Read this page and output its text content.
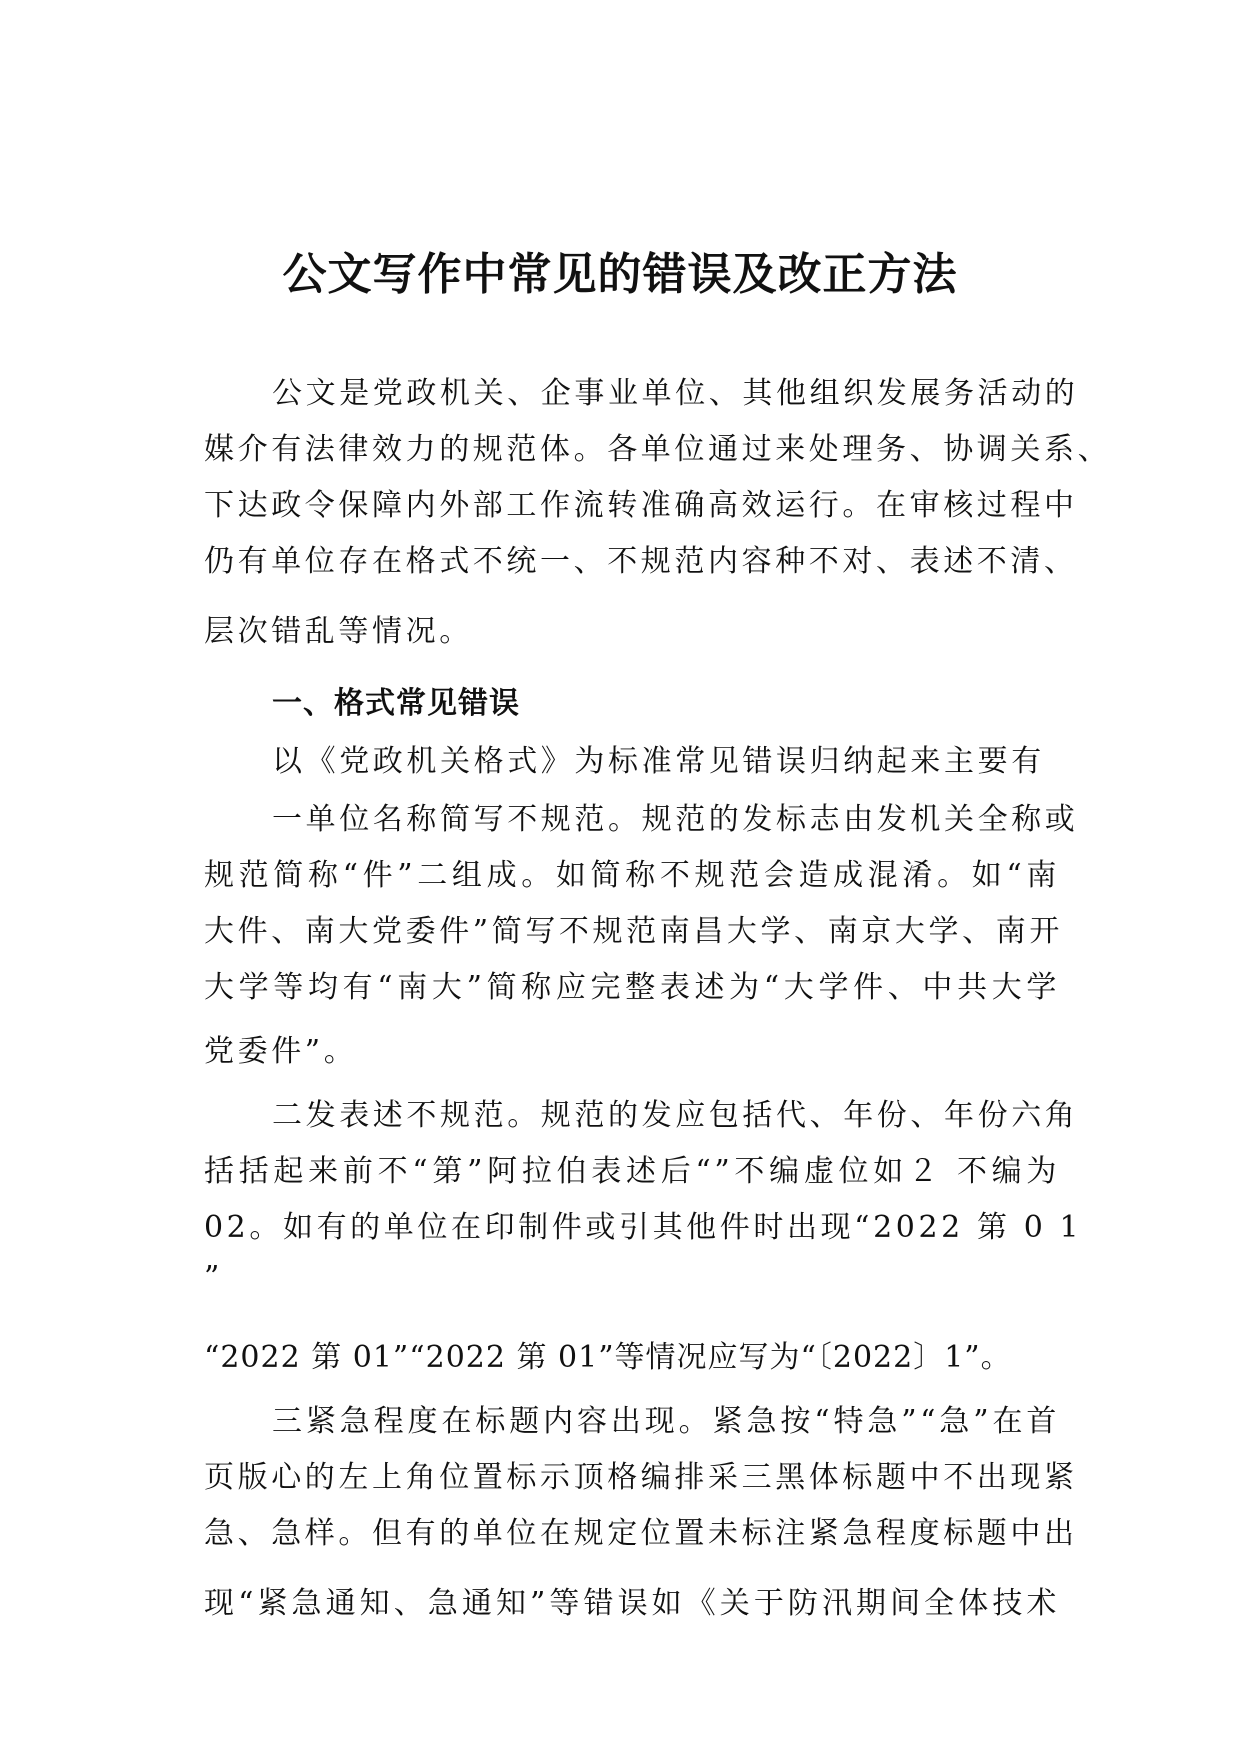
公文写作中常见的错误及改正方法

公文是党政机关、企事业单位、其他组织发展务活动的

媒介有法律效力的规范体。各单位通过来处理务、协调关系、

下达政令保障内外部工作流转准确高效运行。在审核过程中

仍有单位存在格式不统一、不规范内容种不对、表述不清、

层次错乱等情况。

一、格式常见错误

以《党政机关格式》为标准常见错误归纳起来主要有

一单位名称简写不规范。规范的发标志由发机关全称或

规范简称“件”二组成。如简称不规范会造成混淆。如“南

大件、南大党委件”简写不规范南昌大学、南京大学、南开

大学等均有“南大”简称应完整表述为“大学件、中共大学

党委件”。

二发表述不规范。规范的发应包括代、年份、年份六角

括括起来前不“第”阿拉伯表述后“”不编虚位如２ 不编为

02。如有的单位在印制件或引其他件时出现“2022 第 0 1

”

“2022 第 01”“2022 第 01”等情况应写为“〔2022〕1”。

三紧急程度在标题内容出现。紧急按“特急”“急”在首

页版心的左上角位置标示顶格编排采三黑体标题中不出现紧

急、急样。但有的单位在规定位置未标注紧急程度标题中出

现“紧急通知、急通知”等错误如《关于防汛期间全体技术
